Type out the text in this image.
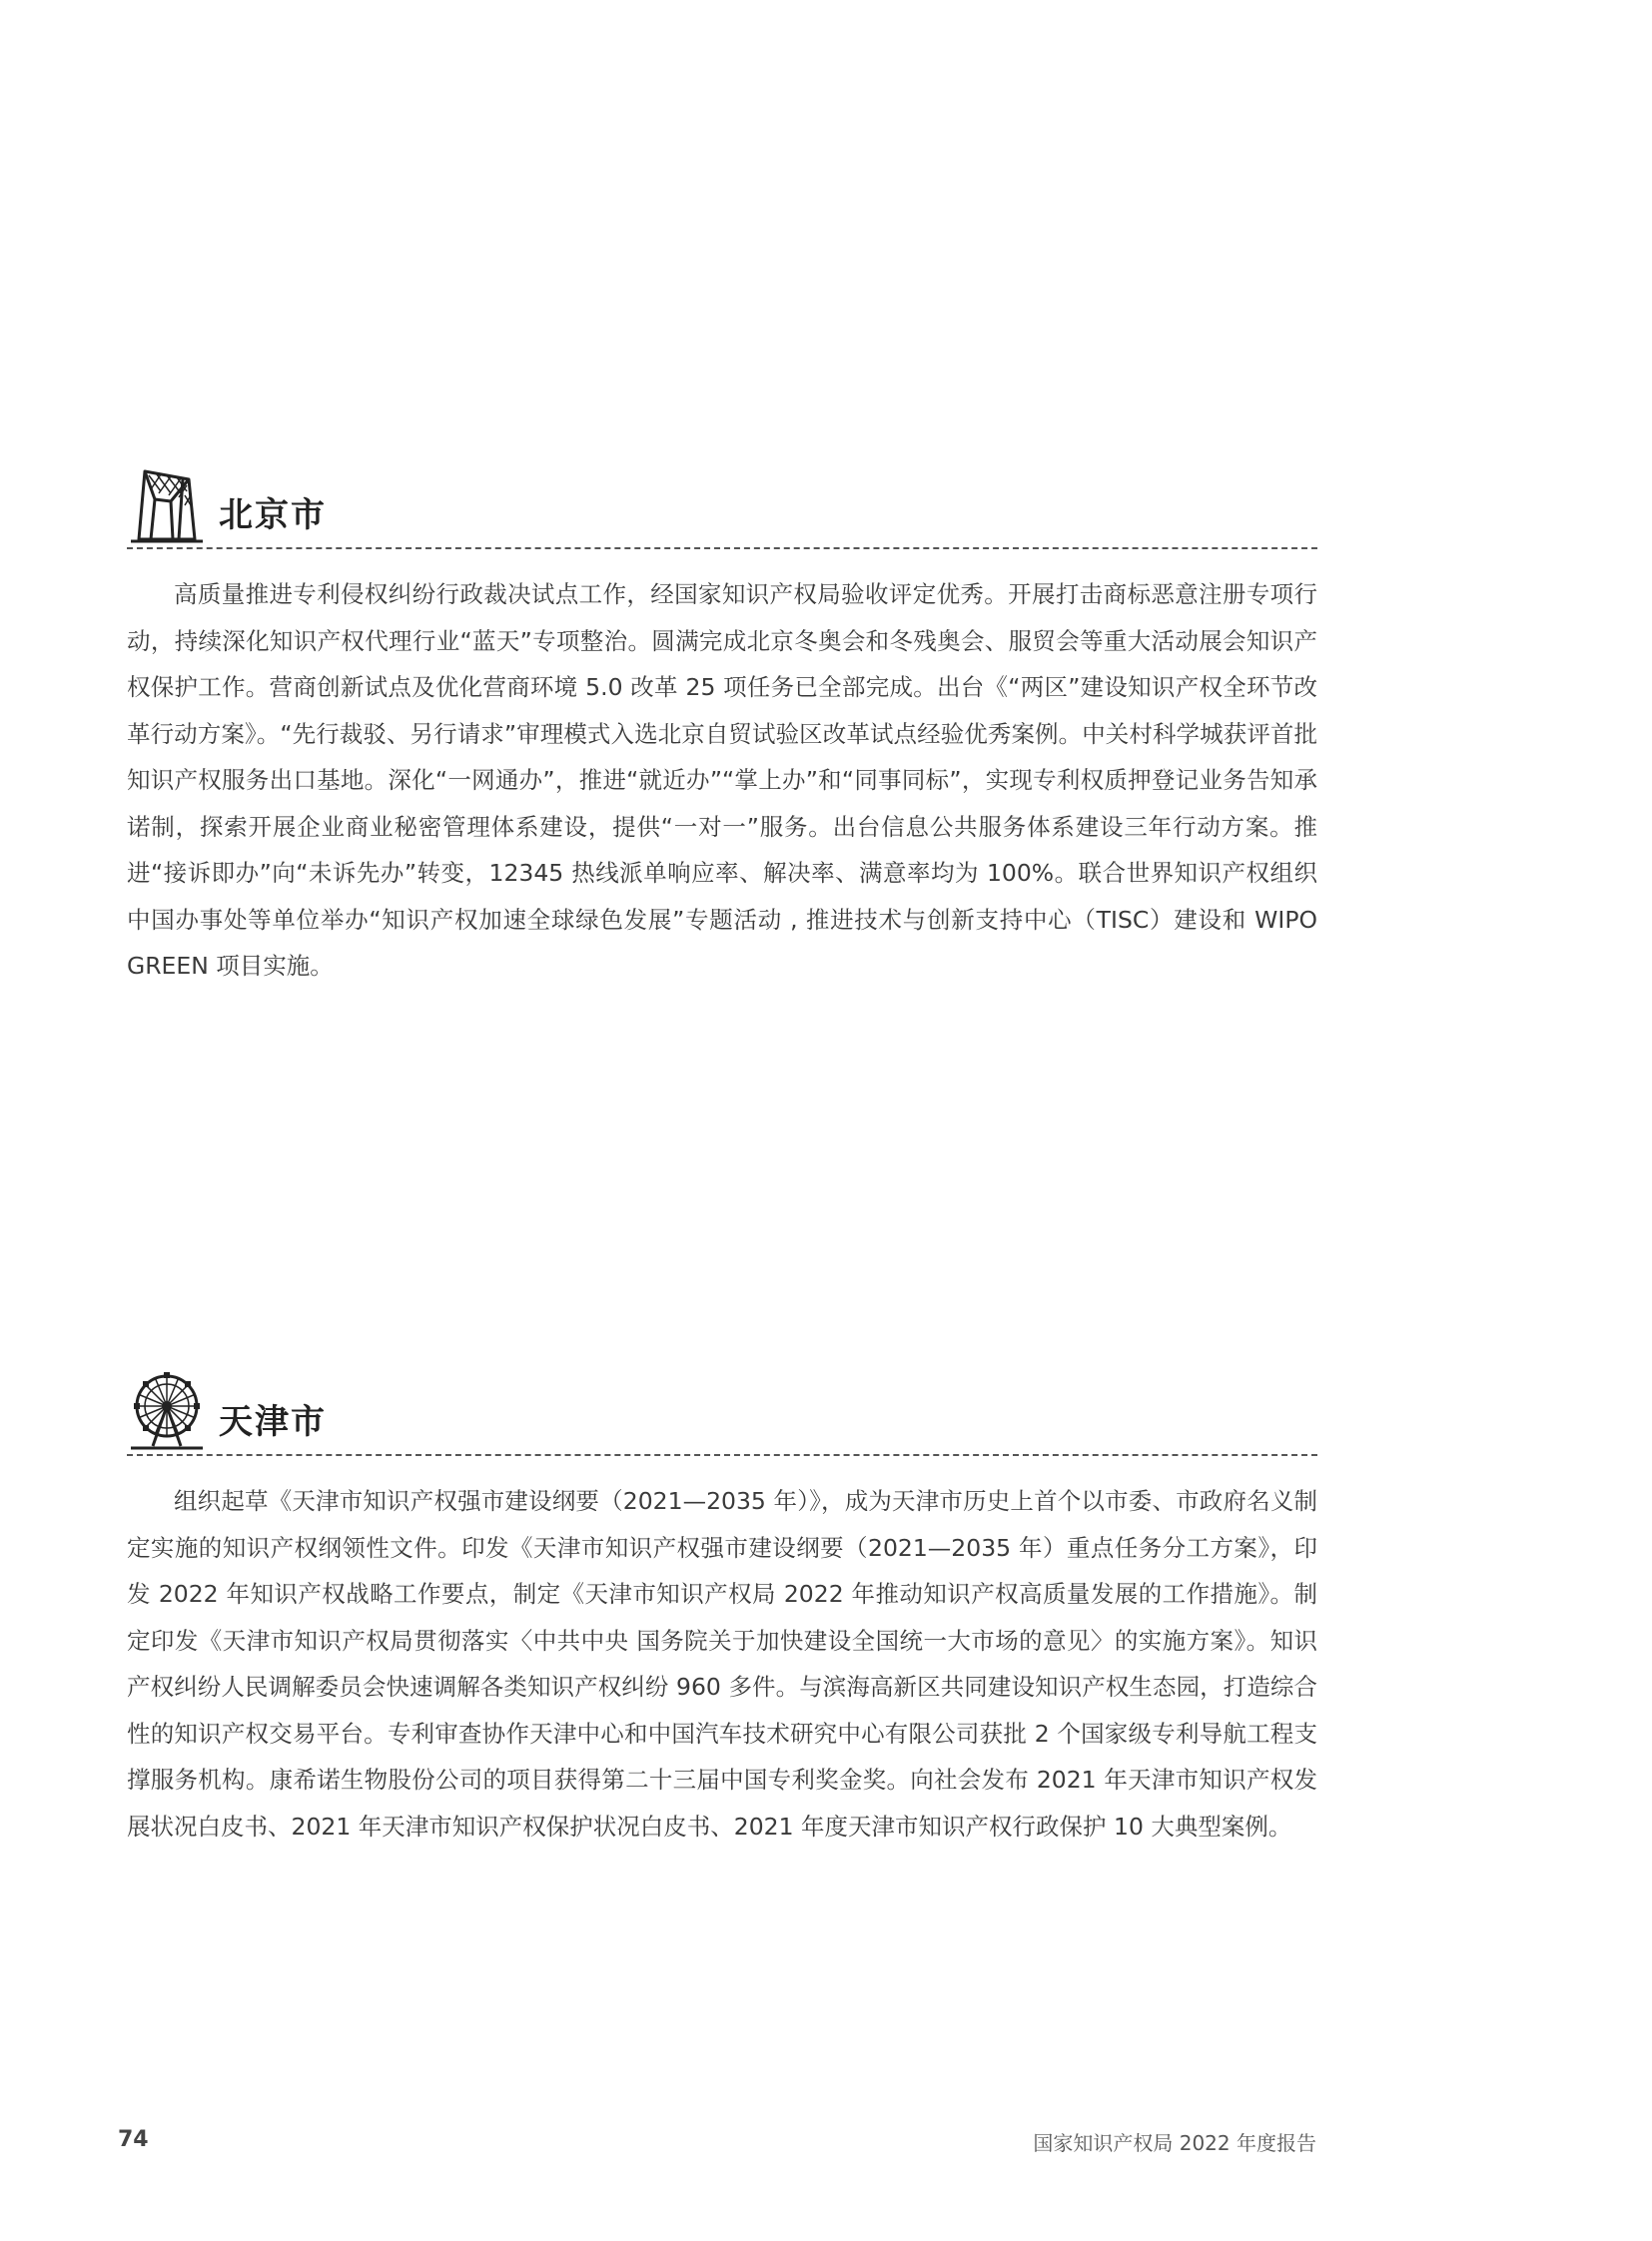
北京市

高质量推进专利侵权纠纷行政裁决试点工作，经国家知识产权局验收评定优秀。开展打击商标恶意注册专项行动，持续深化知识产权代理行业“蓝天”专项整治。圆满完成北京冬奥会和冬残奥会、服贸会等重大活动展会知识产权保护工作。营商创新试点及优化营商环境 5.0 改革 25 项任务已全部完成。出台《“两区”建设知识产权全环节改革行动方案》。“先行裁驳、另行请求”审理模式入选北京自贸试验区改革试点经验优秀案例。中关村科学城获评首批知识产权服务出口基地。深化“一网通办”，推进“就近办”“掌上办”和“同事同标”，实现专利权质押登记业务告知承诺制，探索开展企业商业秘密管理体系建设，提供“一对一”服务。出台信息公共服务体系建设三年行动方案。推进“接诉即办”向“未诉先办”转变，12345 热线派单响应率、解决率、满意率均为 100%。联合世界知识产权组织中国办事处等单位举办“知识产权加速全球绿色发展”专题活动 , 推进技术与创新支持中心（TISC）建设和 WIPO GREEN 项目实施。

天津市

组织起草《天津市知识产权强市建设纲要（2021—2035 年）》，成为天津市历史上首个以市委、市政府名义制定实施的知识产权纲领性文件。印发《天津市知识产权强市建设纲要（2021—2035 年）重点任务分工方案》，印发 2022 年知识产权战略工作要点，制定《天津市知识产权局 2022 年推动知识产权高质量发展的工作措施》。制定印发《天津市知识产权局贯彻落实〈中共中央 国务院关于加快建设全国统一大市场的意见〉的实施方案》。知识产权纠纷人民调解委员会快速调解各类知识产权纠纷 960 多件。与滨海高新区共同建设知识产权生态园，打造综合性的知识产权交易平台。专利审查协作天津中心和中国汽车技术研究中心有限公司获批 2 个国家级专利导航工程支撑服务机构。康希诺生物股份公司的项目获得第二十三届中国专利奖金奖。向社会发布 2021 年天津市知识产权发展状况白皮书、2021 年天津市知识产权保护状况白皮书、2021 年度天津市知识产权行政保护 10 大典型案例。

74	国家知识产权局 2022 年度报告
